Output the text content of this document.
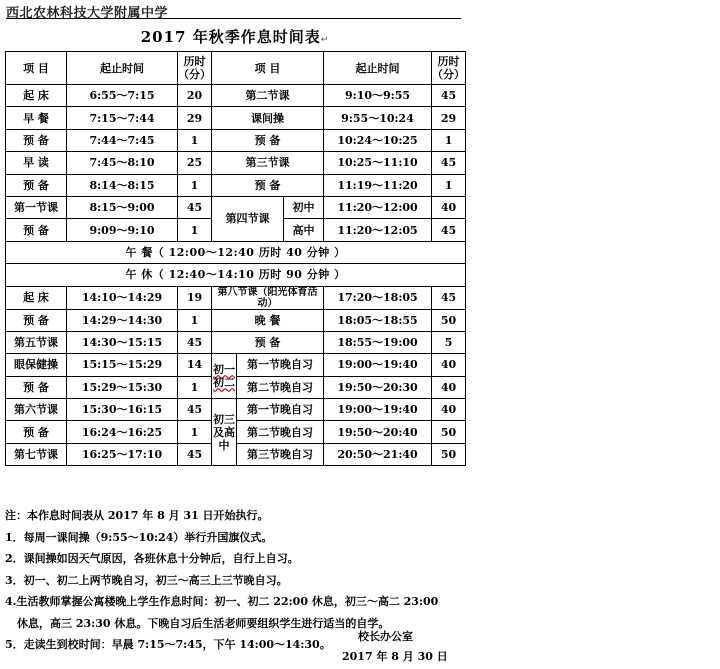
西北农林科技大学附属中学
2017 年秋季作息时间表↵
项 目	起止时间	历时（分）	项 目			起止时间	历时（分）
起 床	6:55～7:15	20	第二节课			9:10～9:55	45
早 餐	7:15～7:44	29	课间操			9:55～10:24	29
预 备	7:44～7:45	1	预 备			10:24～10:25	1
早 读	7:45～8:10	25	第三节课			10:25～11:10	45
预 备	8:14～8:15	1	预 备			11:19～11:20	1
第一节课	8:15～9:00	45	第四节课		初中	11:20～12:00	40
预 备	9:09～9:10	1			高中	11:20～12:05	45
午 餐（ 12:00～12:40 历时 40 分钟 ）							
午 休（ 12:40～14:10 历时 90 分钟 ）							
起 床	14:10～14:29	19	第八节课（阳光体育活动）			17:20～18:05	45
预 备	14:29～14:30	1	晚 餐			18:05～18:55	50
第五节课	14:30～15:15	45	预 备			18:55～19:00	5
眼保健操	15:15～15:29	14	初一初二	第一节晚自习		19:00～19:40	40
预 备	15:29～15:30	1		第二节晚自习		19:50～20:30	40
第六节课	15:30～16:15	45	初三及高中	第一节晚自习		19:00～19:40	40
预 备	16:24～16:25	1		第二节晚自习		19:50～20:40	50
第七节课	16:25～17:10	45		第三节晚自习		20:50～21:40	50

注：本作息时间表从 2017 年 8 月 31 日开始执行。

1．每周一课间操（9:55～10:24）举行升国旗仪式。

2．课间操如因天气原因，各班休息十分钟后，自行上自习。

3．初一、初二上两节晚自习，初三～高三上三节晚自习。

4.生活教师掌握公寓楼晚上学生作息时间：初一、初二 22:00 休息，初三～高二 23:00

休息，高三 23:30 休息。下晚自习后生活老师要组织学生进行适当的自学。

5．走读生到校时间：早晨 7:15～7:45，下午 14:00～14:30。

校长办公室
2017 年 8 月 30 日
